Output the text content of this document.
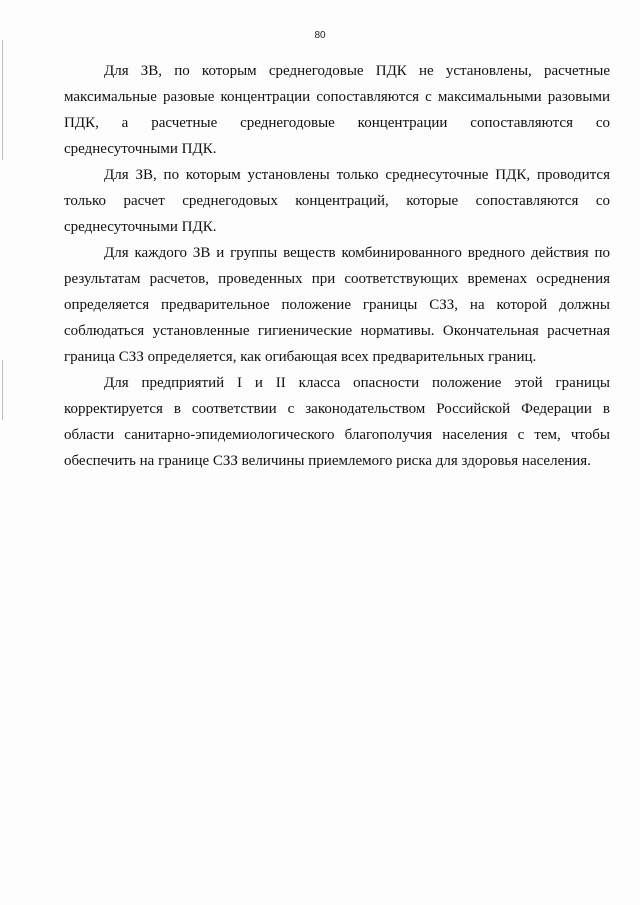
80

Для ЗВ, по которым среднегодовые ПДК не установлены, расчетные максимальные разовые концентрации сопоставляются с максимальными разовыми ПДК, а расчетные среднегодовые концентрации сопоставляются со среднесуточными ПДК.

Для ЗВ, по которым установлены только среднесуточные ПДК, проводится только расчет среднегодовых концентраций, которые сопоставляются со среднесуточными ПДК.

Для каждого ЗВ и группы веществ комбинированного вредного действия по результатам расчетов, проведенных при соответствующих временах осреднения определяется предварительное положение границы СЗЗ, на которой должны соблюдаться установленные гигиенические нормативы. Окончательная расчетная граница СЗЗ определяется, как огибающая всех предварительных границ.

Для предприятий I и II класса опасности положение этой границы корректируется в соответствии с законодательством Российской Федерации в области санитарно-эпидемиологического благополучия населения с тем, чтобы обеспечить на границе СЗЗ величины приемлемого риска для здоровья населения.
